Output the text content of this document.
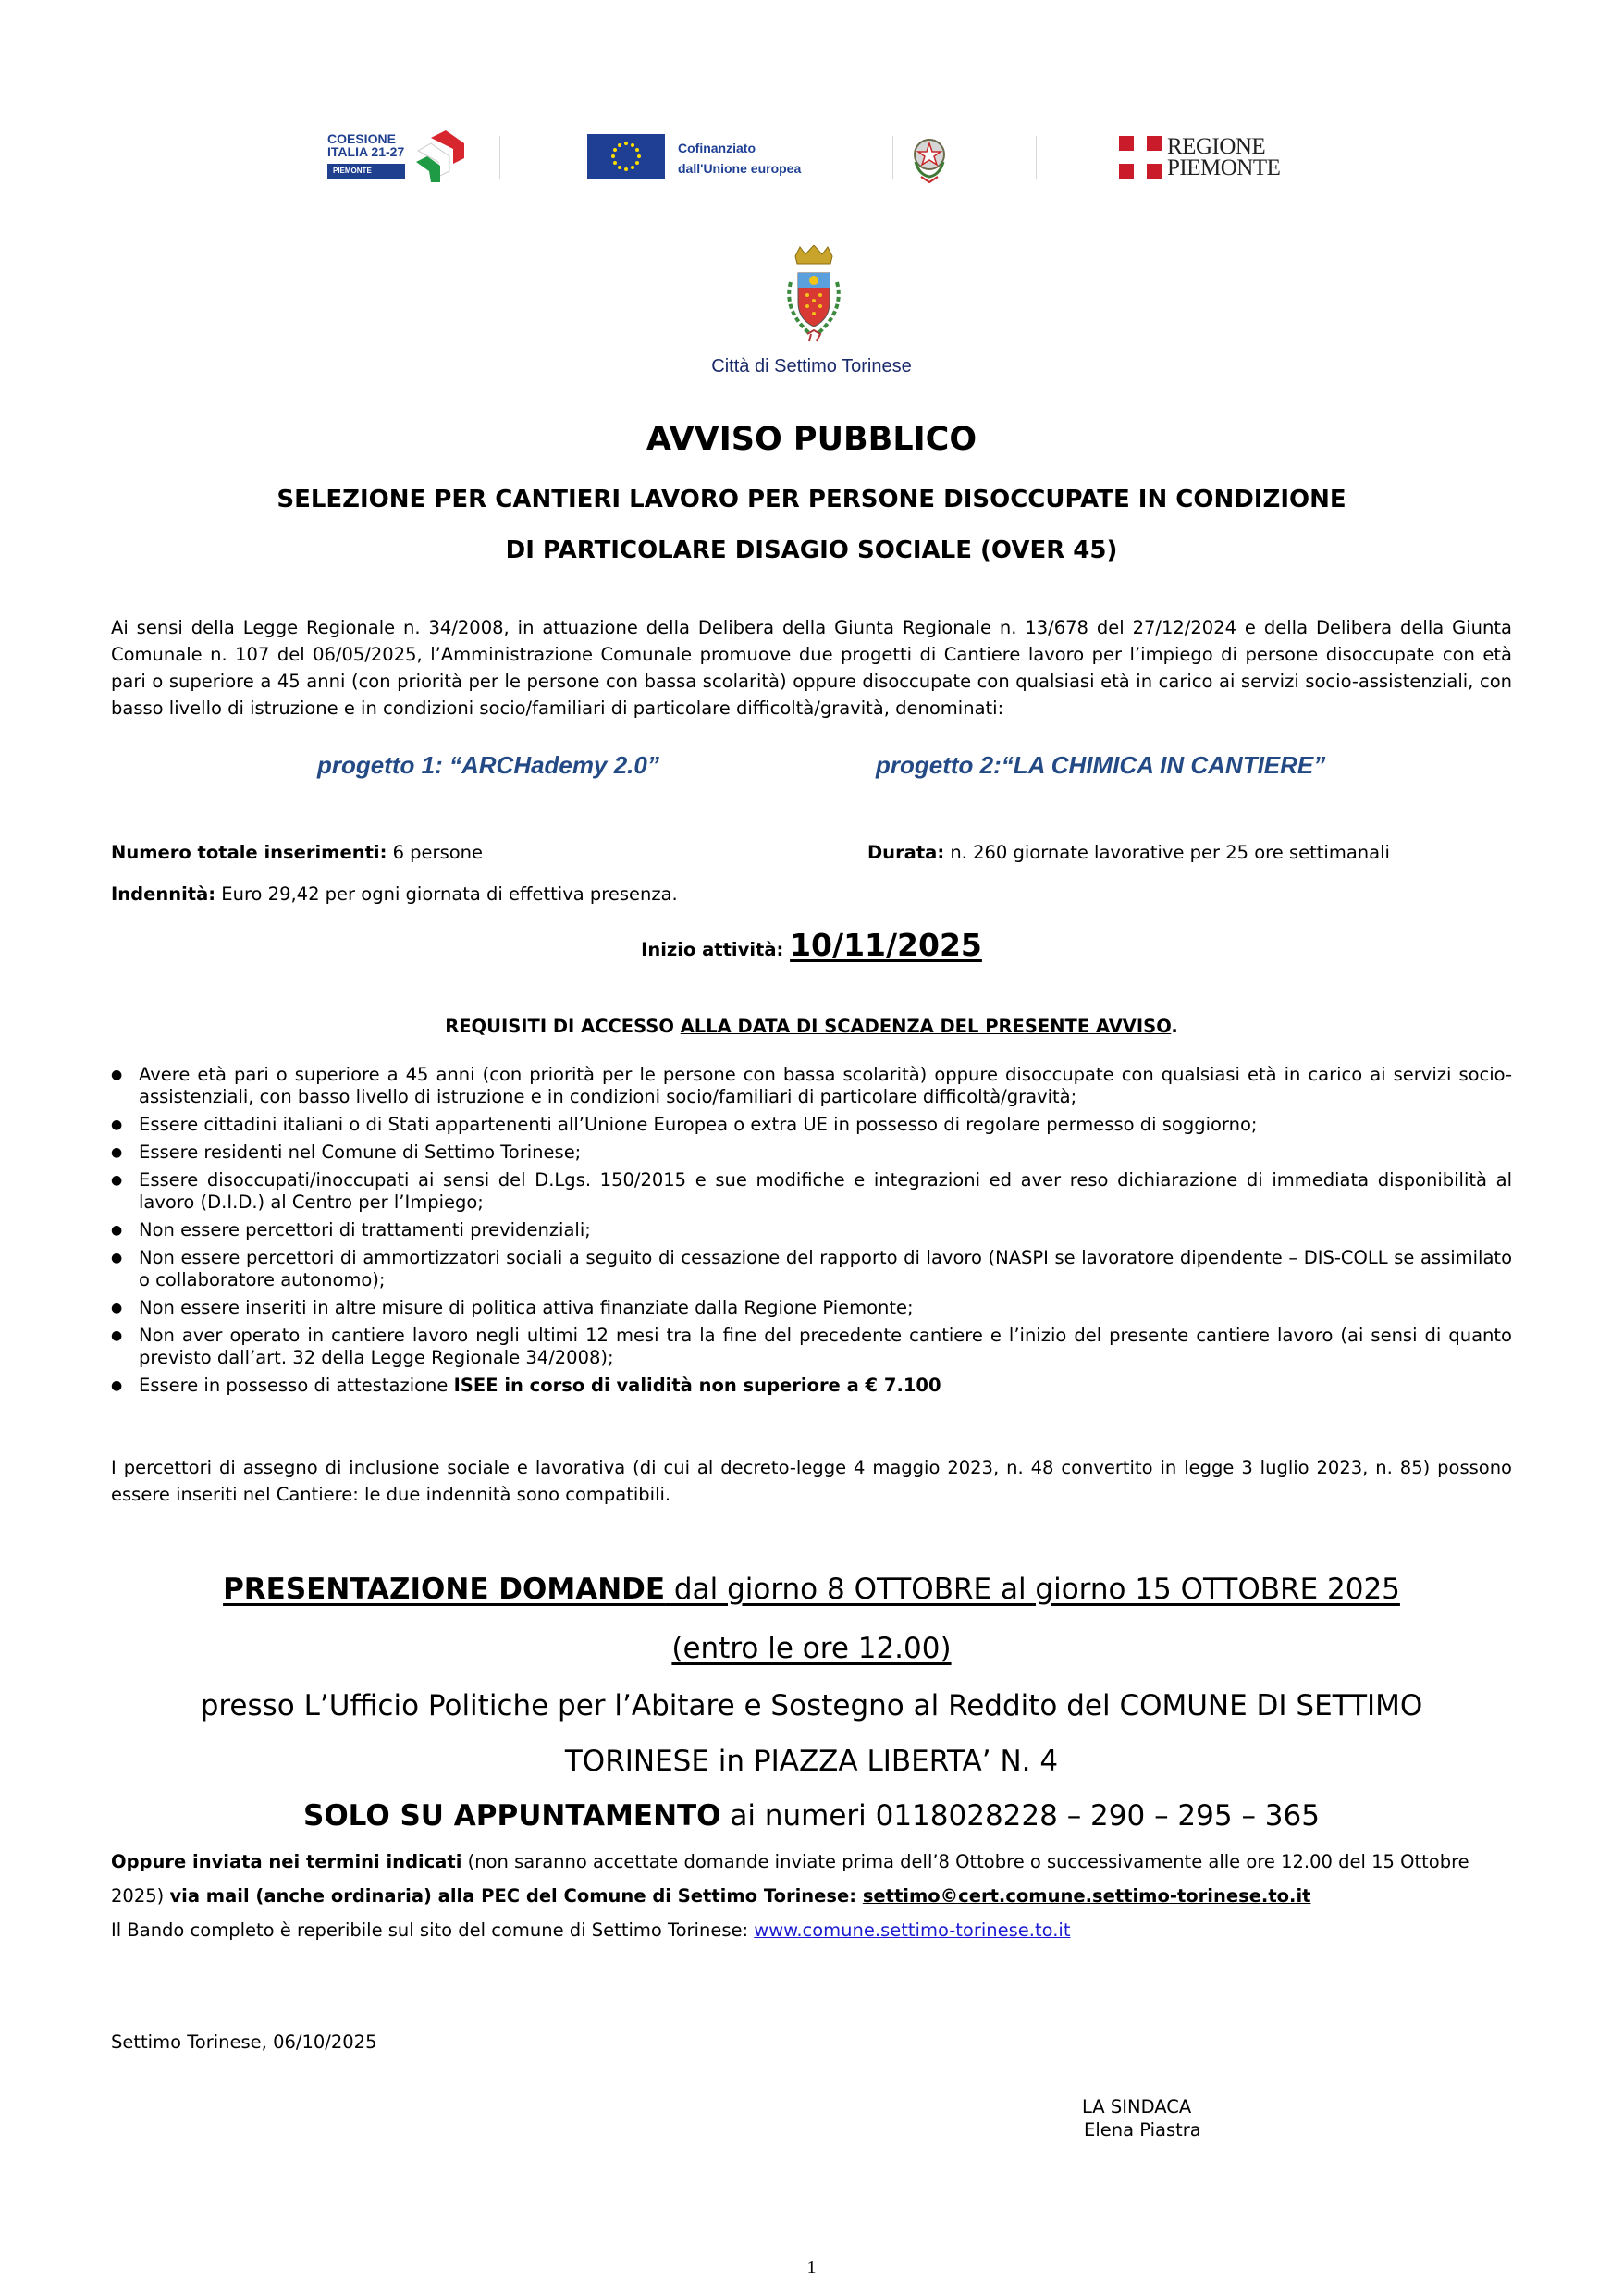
COESIONE
ITALIA 21-27
PIEMONTE
Cofinanziato
dall'Unione europea
REGIONE
PIEMONTE
Città di Settimo Torinese
AVVISO PUBBLICO
SELEZIONE PER CANTIERI LAVORO PER PERSONE DISOCCUPATE IN CONDIZIONE
DI PARTICOLARE DISAGIO SOCIALE (OVER 45)
Ai sensi della Legge Regionale n. 34/2008, in attuazione della Delibera della Giunta Regionale n. 13/678 del 27/12/2024 e della Delibera della Giunta Comunale n. 107 del 06/05/2025, l’Amministrazione Comunale promuove due progetti di Cantiere lavoro per l’impiego di persone disoccupate con età pari o superiore a 45 anni (con priorità per le persone con bassa scolarità) oppure disoccupate con qualsiasi età in carico ai servizi socio-assistenziali, con basso livello di istruzione e in condizioni socio/familiari di particolare difficoltà/gravità, denominati:
progetto 1: “ARCHademy 2.0”	progetto 2:“LA CHIMICA IN CANTIERE”
Numero totale inserimenti: 6 persone	Durata: n. 260 giornate lavorative per 25 ore settimanali
Indennità: Euro 29,42 per ogni giornata di effettiva presenza.
Inizio attività: 10/11/2025
REQUISITI DI ACCESSO ALLA DATA DI SCADENZA DEL PRESENTE AVVISO.
● Avere età pari o superiore a 45 anni (con priorità per le persone con bassa scolarità) oppure disoccupate con qualsiasi età in carico ai servizi socio-assistenziali, con basso livello di istruzione e in condizioni socio/familiari di particolare difficoltà/gravità;
● Essere cittadini italiani o di Stati appartenenti all’Unione Europea o extra UE in possesso di regolare permesso di soggiorno;
● Essere residenti nel Comune di Settimo Torinese;
● Essere disoccupati/inoccupati ai sensi del D.Lgs. 150/2015 e sue modifiche e integrazioni ed aver reso dichiarazione di immediata disponibilità al lavoro (D.I.D.) al Centro per l’Impiego;
● Non essere percettori di trattamenti previdenziali;
● Non essere percettori di ammortizzatori sociali a seguito di cessazione del rapporto di lavoro (NASPI se lavoratore dipendente – DIS-COLL se assimilato o collaboratore autonomo);
● Non essere inseriti in altre misure di politica attiva finanziate dalla Regione Piemonte;
● Non aver operato in cantiere lavoro negli ultimi 12 mesi tra la fine del precedente cantiere e l’inizio del presente cantiere lavoro (ai sensi di quanto previsto dall’art. 32 della Legge Regionale 34/2008);
● Essere in possesso di attestazione ISEE in corso di validità non superiore a € 7.100
I percettori di assegno di inclusione sociale e lavorativa (di cui al decreto-legge 4 maggio 2023, n. 48 convertito in legge 3 luglio 2023, n. 85) possono essere inseriti nel Cantiere: le due indennità sono compatibili.
PRESENTAZIONE DOMANDE dal giorno 8 OTTOBRE al giorno 15 OTTOBRE 2025
(entro le ore 12.00)
presso L’Ufficio Politiche per l’Abitare e Sostegno al Reddito del COMUNE DI SETTIMO
TORINESE in PIAZZA LIBERTA’ N. 4
SOLO SU APPUNTAMENTO ai numeri 0118028228 – 290 – 295 – 365
Oppure inviata nei termini indicati (non saranno accettate domande inviate prima dell’8 Ottobre o successivamente alle ore 12.00 del 15 Ottobre 2025) via mail (anche ordinaria) alla PEC del Comune di Settimo Torinese: settimo©cert.comune.settimo-torinese.to.it
Il Bando completo è reperibile sul sito del comune di Settimo Torinese: www.comune.settimo-torinese.to.it
Settimo Torinese, 06/10/2025
LA SINDACA
Elena Piastra
1
